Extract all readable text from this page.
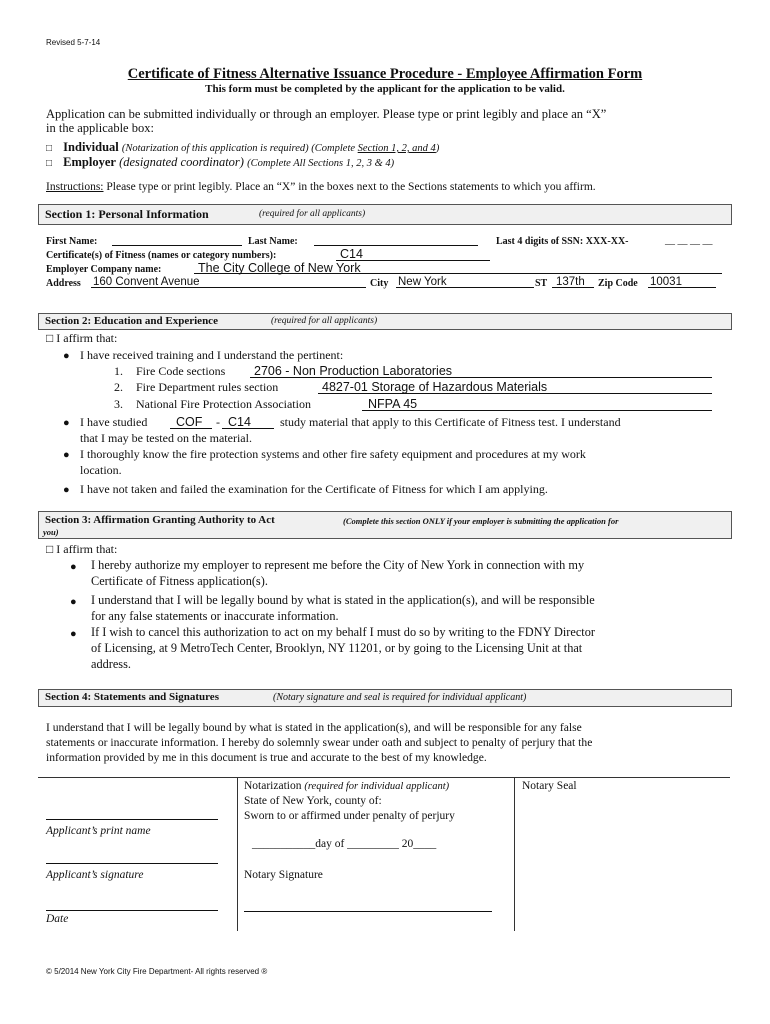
Revised 5-7-14
Certificate of Fitness Alternative Issuance Procedure - Employee Affirmation Form
This form must be completed by the applicant for the application to be valid.
Application can be submitted individually or through an employer. Please type or print legibly and place an “X”
in the applicable box:
□ Individual (Notarization of this application is required) (Complete Section 1, 2, and 4)
□ Employer (designated coordinator) (Complete All Sections 1, 2, 3 & 4)
Instructions: Please type or print legibly. Place an “X” in the boxes next to the Sections statements to which you affirm.
Section 1: Personal Information	(required for all applicants)
First Name:	Last Name:	Last 4 digits of SSN: XXX-XX-	__ __ __ __
Certificate(s) of Fitness (names or category numbers):	C14
Employer Company name:	The City College of New York
Address 160 Convent Avenue	City New York	ST 137th Zip Code 10031
Section 2: Education and Experience	(required for all applicants)
□ I affirm that:
● I have received training and I understand the pertinent:
1. Fire Code sections 2706 - Non Production Laboratories
2. Fire Department rules section	4827-01 Storage of Hazardous Materials
3. National Fire Protection Association	NFPA 45
● I have studied COF - C14 study material that apply to this Certificate of Fitness test. I understand
that I may be tested on the material.
● I thoroughly know the fire protection systems and other fire safety equipment and procedures at my work
location.
● I have not taken and failed the examination for the Certificate of Fitness for which I am applying.
Section 3: Affirmation Granting Authority to Act	(Complete this section ONLY if your employer is submitting the application for
you)
□ I affirm that:
● I hereby authorize my employer to represent me before the City of New York in connection with my
Certificate of Fitness application(s).
● I understand that I will be legally bound by what is stated in the application(s), and will be responsible
for any false statements or inaccurate information.
● If I wish to cancel this authorization to act on my behalf I must do so by writing to the FDNY Director
of Licensing, at 9 MetroTech Center, Brooklyn, NY 11201, or by going to the Licensing Unit at that
address.
Section 4: Statements and Signatures	(Notary signature and seal is required for individual applicant)
I understand that I will be legally bound by what is stated in the application(s), and will be responsible for any false
statements or inaccurate information. I hereby do solemnly swear under oath and subject to penalty of perjury that the
information provided by me in this document is true and accurate to the best of my knowledge.
Applicant’s print name
Applicant’s signature
Date
Notarization (required for individual applicant)
State of New York, county of:
Sworn to or affirmed under penalty of perjury
___________day of _________ 20____
Notary Signature
Notary Seal
© 5/2014 New York City Fire Department- All rights reserved ®
